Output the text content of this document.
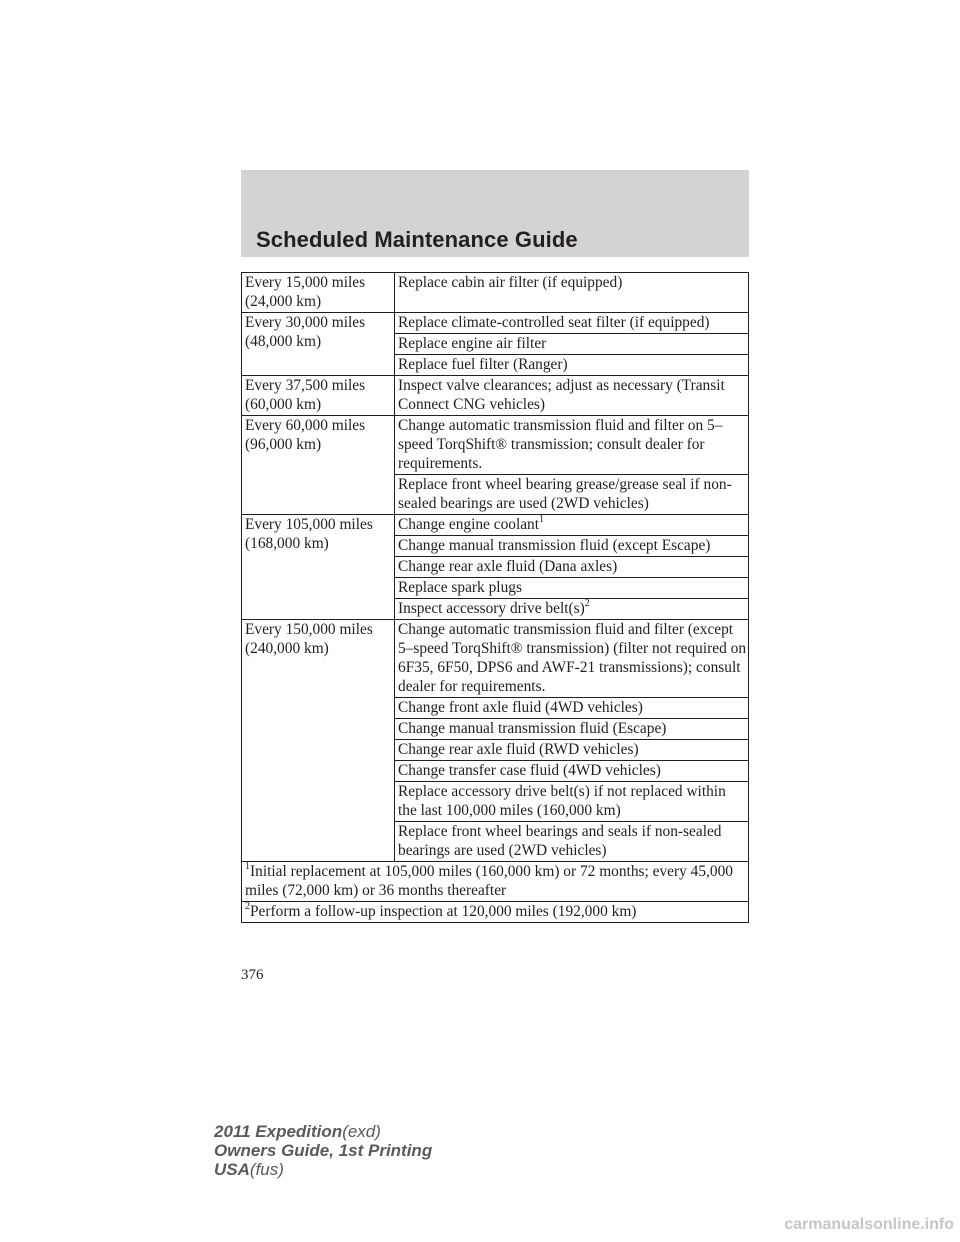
Scheduled Maintenance Guide
Every 15,000 miles
(24,000 km)	Replace cabin air filter (if equipped)

Every 30,000 miles
(48,000 km)	Replace climate-controlled seat filter (if equipped)
	Replace engine air filter
	Replace fuel filter (Ranger)

Every 37,500 miles
(60,000 km)	Inspect valve clearances; adjust as necessary (Transit Connect CNG vehicles)

Every 60,000 miles
(96,000 km)	Change automatic transmission fluid and filter on 5–speed TorqShift® transmission; consult dealer for requirements.
	Replace front wheel bearing grease/grease seal if non-sealed bearings are used (2WD vehicles)

Every 105,000 miles
(168,000 km)	Change engine coolant$^1$
	Change manual transmission fluid (except Escape)
	Change rear axle fluid (Dana axles)
	Replace spark plugs
	Inspect accessory drive $belt(s)^2$

Every 150,000 miles
(240,000 km)	Change automatic transmission fluid and filter (except 5–speed TorqShift® transmission) (filter not required on 6F35, 6F50, DPS6 and AWF-21 transmissions); consult dealer for requirements.
	Change front axle fluid (4WD vehicles)
	Change manual transmission fluid (Escape)
	Change rear axle fluid (RWD vehicles)
	Change transfer case fluid (4WD vehicles)
	Replace accessory drive belt(s) if not replaced within the last 100,000 miles (160,000 km)
	Replace front wheel bearings and seals if non-sealed bearings are used (2WD vehicles)
$^1$Initial replacement at 105,000 miles (160,000 km) or 72 months; every 45,000 miles (72,000 km) or 36 months thereafter	
$^2$Perform a follow-up inspection at 120,000 miles (192,000 km)	
376
2011 Expedition(exd)
Owners Guide, 1st Printing
USA(fus)
carmanualsonline.info
